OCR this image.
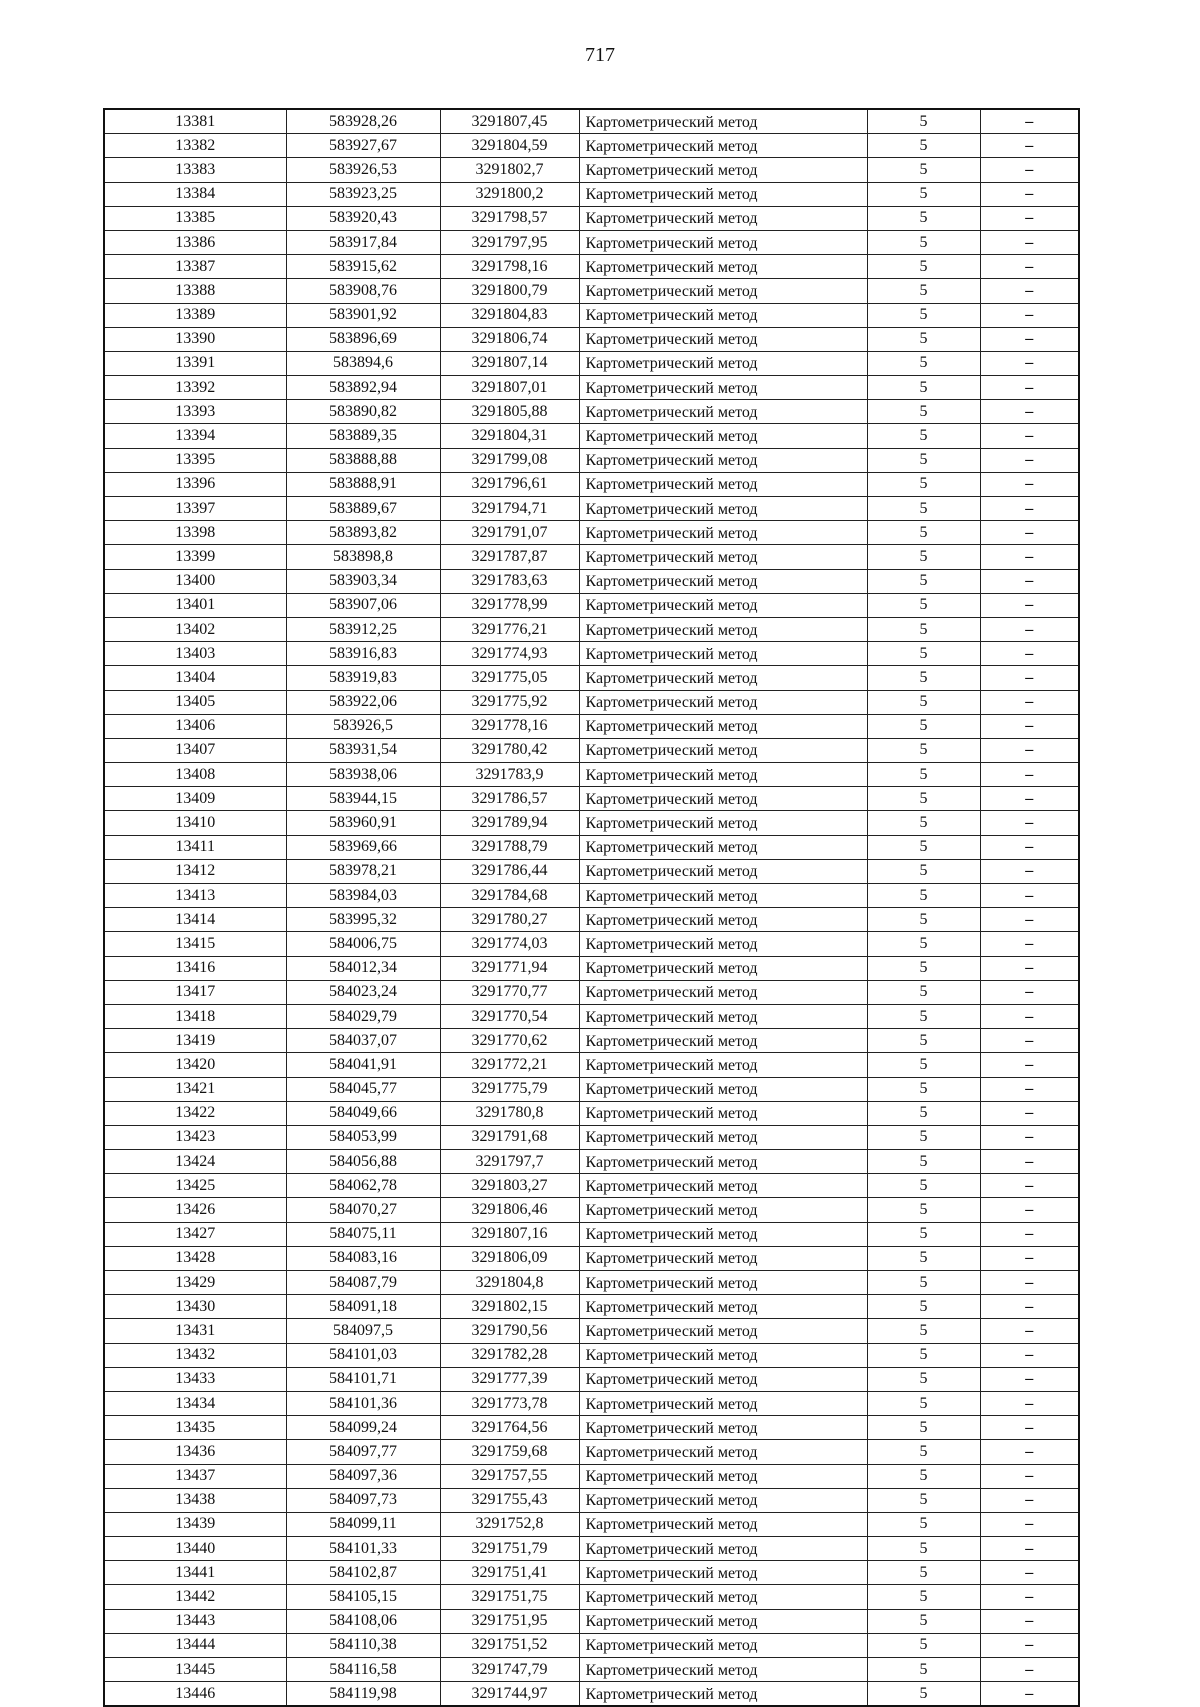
717
13381	583928,26	3291807,45	Картометрический метод	5	–
13382	583927,67	3291804,59	Картометрический метод	5	–
13383	583926,53	3291802,7	Картометрический метод	5	–
13384	583923,25	3291800,2	Картометрический метод	5	–
13385	583920,43	3291798,57	Картометрический метод	5	–
13386	583917,84	3291797,95	Картометрический метод	5	–
13387	583915,62	3291798,16	Картометрический метод	5	–
13388	583908,76	3291800,79	Картометрический метод	5	–
13389	583901,92	3291804,83	Картометрический метод	5	–
13390	583896,69	3291806,74	Картометрический метод	5	–
13391	583894,6	3291807,14	Картометрический метод	5	–
13392	583892,94	3291807,01	Картометрический метод	5	–
13393	583890,82	3291805,88	Картометрический метод	5	–
13394	583889,35	3291804,31	Картометрический метод	5	–
13395	583888,88	3291799,08	Картометрический метод	5	–
13396	583888,91	3291796,61	Картометрический метод	5	–
13397	583889,67	3291794,71	Картометрический метод	5	–
13398	583893,82	3291791,07	Картометрический метод	5	–
13399	583898,8	3291787,87	Картометрический метод	5	–
13400	583903,34	3291783,63	Картометрический метод	5	–
13401	583907,06	3291778,99	Картометрический метод	5	–
13402	583912,25	3291776,21	Картометрический метод	5	–
13403	583916,83	3291774,93	Картометрический метод	5	–
13404	583919,83	3291775,05	Картометрический метод	5	–
13405	583922,06	3291775,92	Картометрический метод	5	–
13406	583926,5	3291778,16	Картометрический метод	5	–
13407	583931,54	3291780,42	Картометрический метод	5	–
13408	583938,06	3291783,9	Картометрический метод	5	–
13409	583944,15	3291786,57	Картометрический метод	5	–
13410	583960,91	3291789,94	Картометрический метод	5	–
13411	583969,66	3291788,79	Картометрический метод	5	–
13412	583978,21	3291786,44	Картометрический метод	5	–
13413	583984,03	3291784,68	Картометрический метод	5	–
13414	583995,32	3291780,27	Картометрический метод	5	–
13415	584006,75	3291774,03	Картометрический метод	5	–
13416	584012,34	3291771,94	Картометрический метод	5	–
13417	584023,24	3291770,77	Картометрический метод	5	–
13418	584029,79	3291770,54	Картометрический метод	5	–
13419	584037,07	3291770,62	Картометрический метод	5	–
13420	584041,91	3291772,21	Картометрический метод	5	–
13421	584045,77	3291775,79	Картометрический метод	5	–
13422	584049,66	3291780,8	Картометрический метод	5	–
13423	584053,99	3291791,68	Картометрический метод	5	–
13424	584056,88	3291797,7	Картометрический метод	5	–
13425	584062,78	3291803,27	Картометрический метод	5	–
13426	584070,27	3291806,46	Картометрический метод	5	–
13427	584075,11	3291807,16	Картометрический метод	5	–
13428	584083,16	3291806,09	Картометрический метод	5	–
13429	584087,79	3291804,8	Картометрический метод	5	–
13430	584091,18	3291802,15	Картометрический метод	5	–
13431	584097,5	3291790,56	Картометрический метод	5	–
13432	584101,03	3291782,28	Картометрический метод	5	–
13433	584101,71	3291777,39	Картометрический метод	5	–
13434	584101,36	3291773,78	Картометрический метод	5	–
13435	584099,24	3291764,56	Картометрический метод	5	–
13436	584097,77	3291759,68	Картометрический метод	5	–
13437	584097,36	3291757,55	Картометрический метод	5	–
13438	584097,73	3291755,43	Картометрический метод	5	–
13439	584099,11	3291752,8	Картометрический метод	5	–
13440	584101,33	3291751,79	Картометрический метод	5	–
13441	584102,87	3291751,41	Картометрический метод	5	–
13442	584105,15	3291751,75	Картометрический метод	5	–
13443	584108,06	3291751,95	Картометрический метод	5	–
13444	584110,38	3291751,52	Картометрический метод	5	–
13445	584116,58	3291747,79	Картометрический метод	5	–
13446	584119,98	3291744,97	Картометрический метод	5	–
